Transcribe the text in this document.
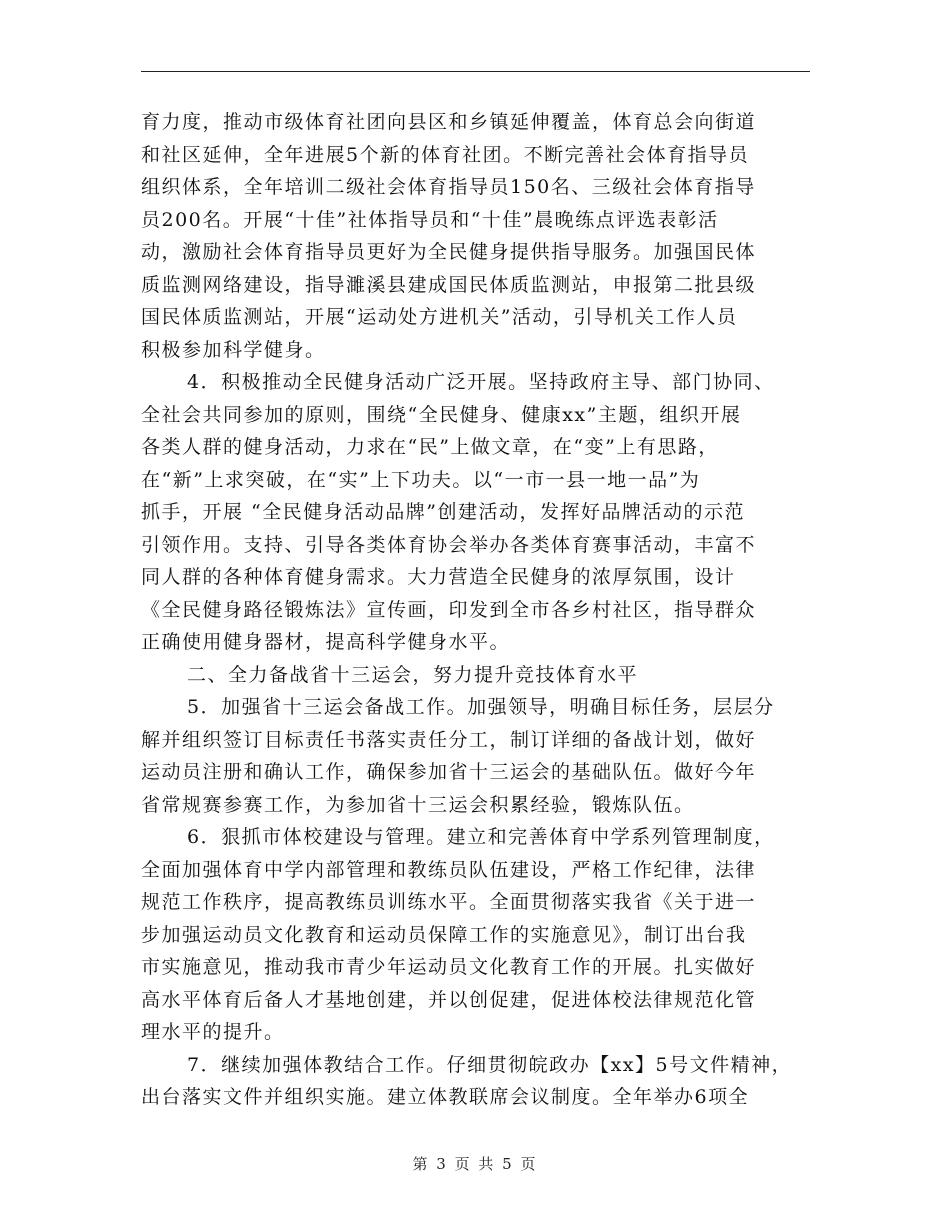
育力度，推动市级体育社团向县区和乡镇延伸覆盖，体育总会向街道
和社区延伸，全年进展5个新的体育社团。不断完善社会体育指导员
组织体系，全年培训二级社会体育指导员150名、三级社会体育指导
员200名。开展“十佳”社体指导员和“十佳”晨晚练点评选表彰活
动，激励社会体育指导员更好为全民健身提供指导服务。加强国民体
质监测网络建设，指导濉溪县建成国民体质监测站，申报第二批县级
国民体质监测站，开展“运动处方进机关”活动，引导机关工作人员
积极参加科学健身。
4．积极推动全民健身活动广泛开展。坚持政府主导、部门协同、
全社会共同参加的原则，围绕“全民健身、健康xx”主题，组织开展
各类人群的健身活动，力求在“民”上做文章，在“变”上有思路，
在“新”上求突破，在“实”上下功夫。以“一市一县一地一品”为
抓手，开展 “全民健身活动品牌”创建活动，发挥好品牌活动的示范
引领作用。支持、引导各类体育协会举办各类体育赛事活动，丰富不
同人群的各种体育健身需求。大力营造全民健身的浓厚氛围，设计
《全民健身路径锻炼法》宣传画，印发到全市各乡村社区，指导群众
正确使用健身器材，提高科学健身水平。
二、全力备战省十三运会，努力提升竞技体育水平
5．加强省十三运会备战工作。加强领导，明确目标任务，层层分
解并组织签订目标责任书落实责任分工，制订详细的备战计划，做好
运动员注册和确认工作，确保参加省十三运会的基础队伍。做好今年
省常规赛参赛工作，为参加省十三运会积累经验，锻炼队伍。
6．狠抓市体校建设与管理。建立和完善体育中学系列管理制度，
全面加强体育中学内部管理和教练员队伍建设，严格工作纪律，法律
规范工作秩序，提高教练员训练水平。全面贯彻落实我省《关于进一
步加强运动员文化教育和运动员保障工作的实施意见》，制订出台我
市实施意见，推动我市青少年运动员文化教育工作的开展。扎实做好
高水平体育后备人才基地创建，并以创促建，促进体校法律规范化管
理水平的提升。
7．继续加强体教结合工作。仔细贯彻皖政办【xx】5号文件精神，
出台落实文件并组织实施。建立体教联席会议制度。全年举办6项全
第 3 页 共 5 页
